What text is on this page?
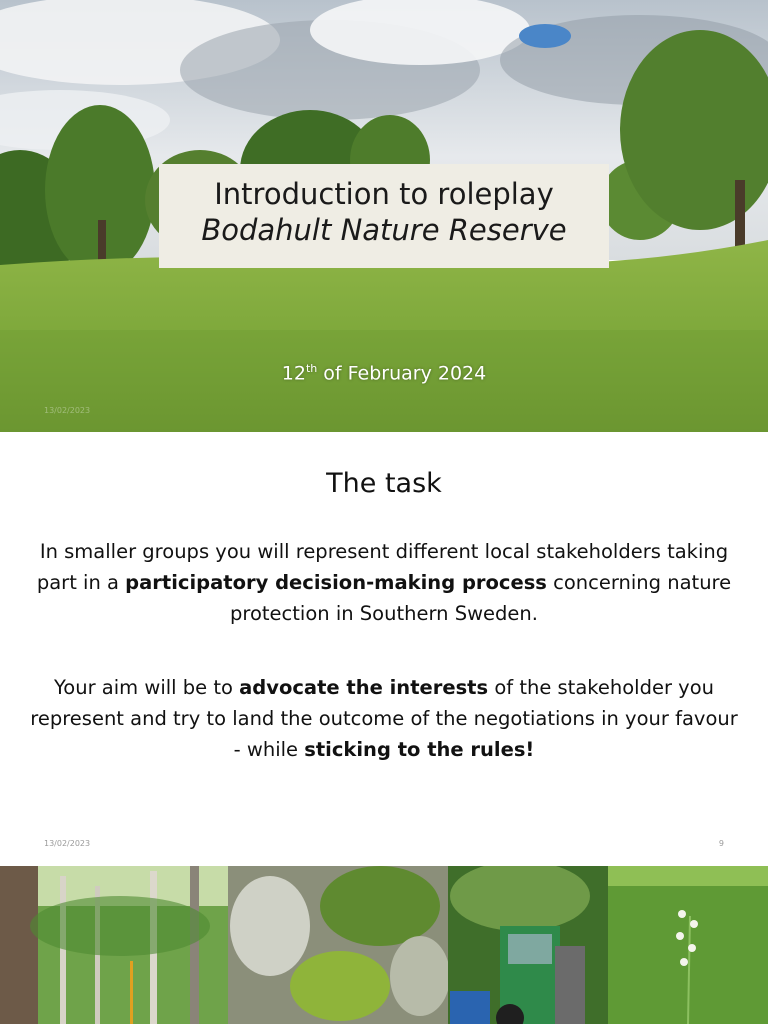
Introduction to roleplay
Bodahult Nature Reserve
12th of February 2024
13/02/2023
The task
In smaller groups you will represent different local stakeholders taking part in a participatory decision-making process concerning nature protection in Southern Sweden.
Your aim will be to advocate the interests of the stakeholder you represent and try to land the outcome of the negotiations in your favour - while sticking to the rules!
13/02/2023	9
